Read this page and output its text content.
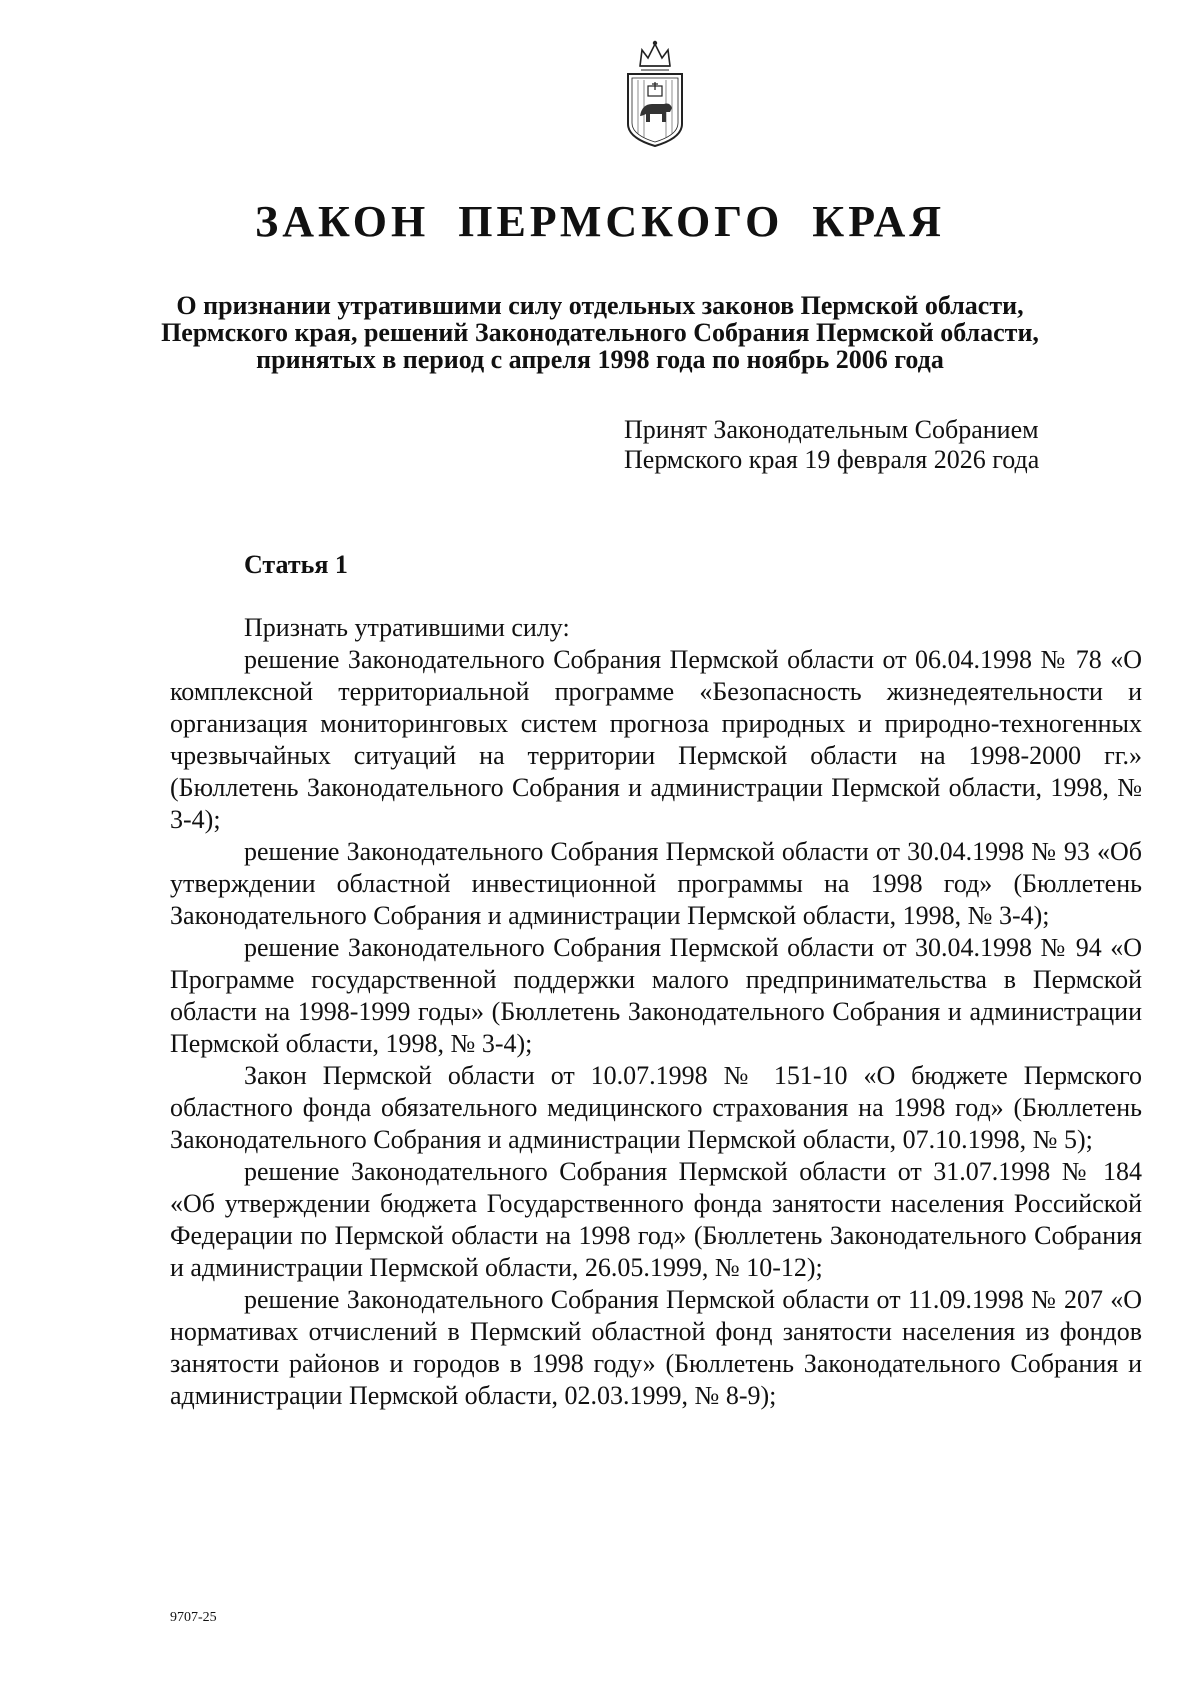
ЗАКОН ПЕРМСКОГО КРАЯ
О признании утратившими силу отдельных законов Пермской области,
Пермского края, решений Законодательного Собрания Пермской области,
принятых в период с апреля 1998 года по ноябрь 2006 года
Принят Законодательным Собранием
Пермского края 19 февраля 2026 года
Статья 1

Признать утратившими силу:

решение Законодательного Собрания Пермской области от 06.04.1998 № 78 «О комплексной территориальной программе «Безопасность жизнедеятельности и организация мониторинговых систем прогноза природных и природно-техногенных чрезвычайных ситуаций на территории Пермской области на 1998-2000 гг.» (Бюллетень Законодательного Собрания и администрации Пермской области, 1998, № 3-4);

решение Законодательного Собрания Пермской области от 30.04.1998 № 93 «Об утверждении областной инвестиционной программы на 1998 год» (Бюллетень Законодательного Собрания и администрации Пермской области, 1998, № 3-4);

решение Законодательного Собрания Пермской области от 30.04.1998 № 94 «О Программе государственной поддержки малого предпринимательства в Пермской области на 1998-1999 годы» (Бюллетень Законодательного Собрания и администрации Пермской области, 1998, № 3-4);

Закон Пермской области от 10.07.1998 № 151-10 «О бюджете Пермского областного фонда обязательного медицинского страхования на 1998 год» (Бюллетень Законодательного Собрания и администрации Пермской области, 07.10.1998, № 5);

решение Законодательного Собрания Пермской области от 31.07.1998 № 184 «Об утверждении бюджета Государственного фонда занятости населения Российской Федерации по Пермской области на 1998 год» (Бюллетень Законодательного Собрания и администрации Пермской области, 26.05.1999, № 10-12);

решение Законодательного Собрания Пермской области от 11.09.1998 № 207 «О нормативах отчислений в Пермский областной фонд занятости населения из фондов занятости районов и городов в 1998 году» (Бюллетень Законодательного Собрания и администрации Пермской области, 02.03.1999, № 8-9);

9707-25
